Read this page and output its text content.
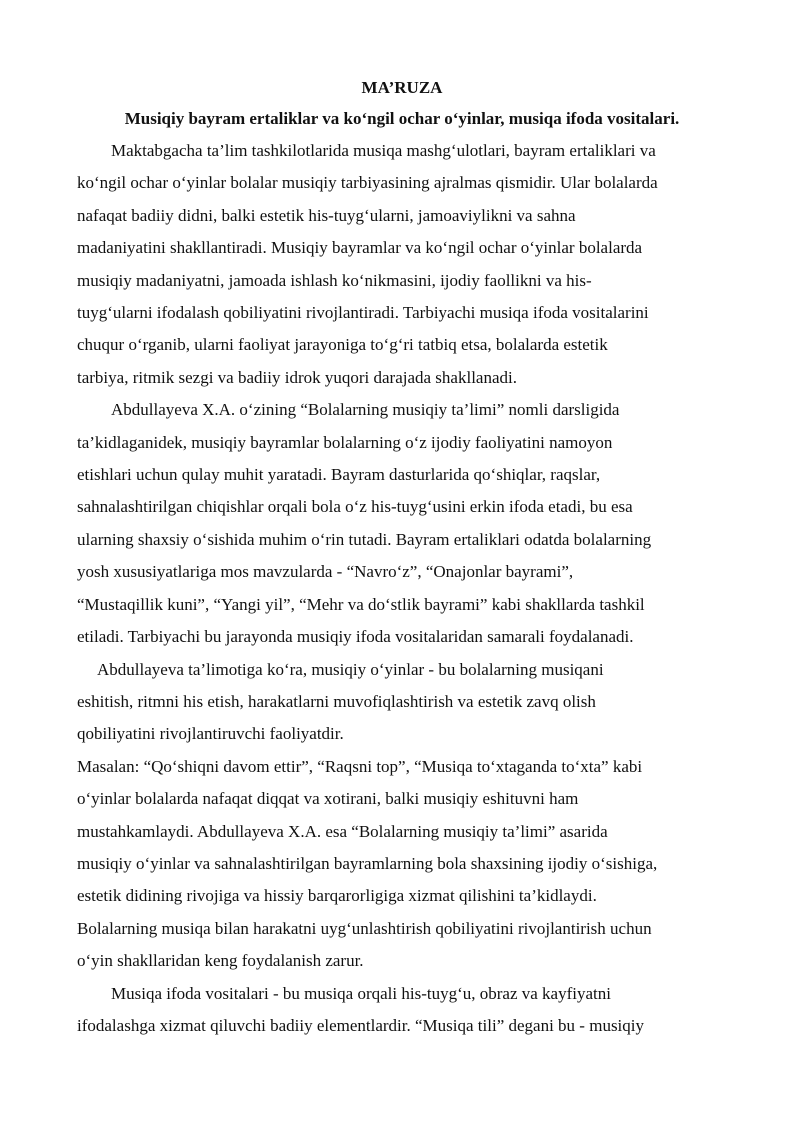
MA’RUZA

Musiqiy bayram ertaliklar va ko‘ngil ochar o‘yinlar, musiqa ifoda vositalari.

Maktabgacha ta’lim tashkilotlarida musiqa mashg‘ulotlari, bayram ertaliklari va
ko‘ngil ochar o‘yinlar bolalar musiqiy tarbiyasining ajralmas qismidir. Ular bolalarda
nafaqat badiiy didni, balki estetik his-tuyg‘ularni, jamoaviylikni va sahna
madaniyatini shakllantiradi. Musiqiy bayramlar va ko‘ngil ochar o‘yinlar bolalarda
musiqiy madaniyatni, jamoada ishlash ko‘nikmasini, ijodiy faollikni va his-
tuyg‘ularni ifodalash qobiliyatini rivojlantiradi. Tarbiyachi musiqa ifoda vositalarini
chuqur o‘rganib, ularni faoliyat jarayoniga to‘g‘ri tatbiq etsa, bolalarda estetik
tarbiya, ritmik sezgi va badiiy idrok yuqori darajada shakllanadi.

Abdullayeva X.A. o‘zining “Bolalarning musiqiy ta’limi” nomli darsligida
ta’kidlaganidek, musiqiy bayramlar bolalarning o‘z ijodiy faoliyatini namoyon
etishlari uchun qulay muhit yaratadi. Bayram dasturlarida qo‘shiqlar, raqslar,
sahnalashtirilgan chiqishlar orqali bola o‘z his-tuyg‘usini erkin ifoda etadi, bu esa
ularning shaxsiy o‘sishida muhim o‘rin tutadi. Bayram ertaliklari odatda bolalarning
yosh xususiyatlariga mos mavzularda - “Navro‘z”, “Onajonlar bayrami”,
“Mustaqillik kuni”, “Yangi yil”, “Mehr va do‘stlik bayrami” kabi shakllarda tashkil
etiladi. Tarbiyachi bu jarayonda musiqiy ifoda vositalaridan samarali foydalanadi.

Abdullayeva ta’limotiga ko‘ra, musiqiy o‘yinlar - bu bolalarning musiqani
eshitish, ritmni his etish, harakatlarni muvofiqlashtirish va estetik zavq olish
qobiliyatini rivojlantiruvchi faoliyatdir.

Masalan: “Qo‘shiqni davom ettir”, “Raqsni top”, “Musiqa to‘xtaganda to‘xta” kabi
o‘yinlar bolalarda nafaqat diqqat va xotirani, balki musiqiy eshituvni ham
mustahkamlaydi. Abdullayeva X.A. esa “Bolalarning musiqiy ta’limi” asarida
musiqiy o‘yinlar va sahnalashtirilgan bayramlarning bola shaxsining ijodiy o‘sishiga,
estetik didining rivojiga va hissiy barqarorligiga xizmat qilishini ta’kidlaydi.
Bolalarning musiqa bilan harakatni uyg‘unlashtirish qobiliyatini rivojlantirish uchun
o‘yin shakllaridan keng foydalanish zarur.

Musiqa ifoda vositalari - bu musiqa orqali his-tuyg‘u, obraz va kayfiyatni
ifodalashga xizmat qiluvchi badiiy elementlardir. “Musiqa tili” degani bu - musiqiy
